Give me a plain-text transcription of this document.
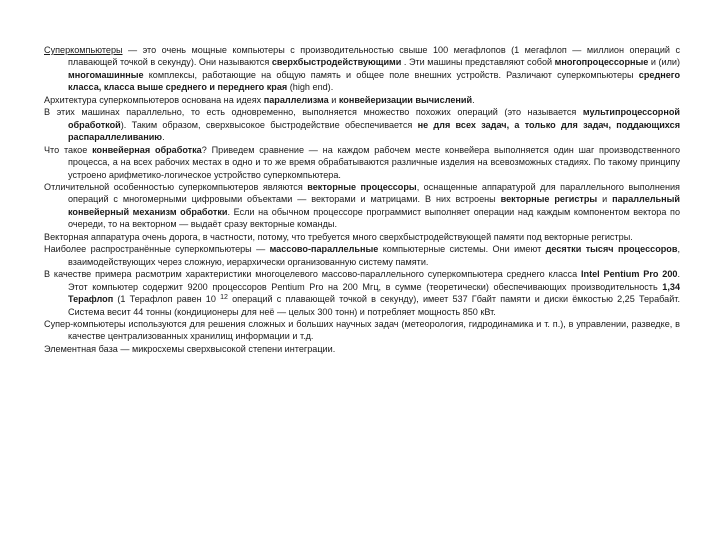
Суперкомпьютеры — это очень мощные компьютеры с производительностью свыше 100 мегафлопов (1 мегафлоп — миллион операций с плавающей точкой в секунду). Они называются сверхбыстродействующими . Эти машины представляют собой многопроцессорные и (или) многомашинные комплексы, работающие на общую память и общее поле внешних устройств. Различают суперкомпьютеры среднего класса, класса выше среднего и переднего края (high end).

Архитектура суперкомпьютеров основана на идеях параллелизма и конвейеризации вычислений.

В этих машинах параллельно, то есть одновременно, выполняется множество похожих операций (это называется мультипроцессорной обработкой). Таким образом, сверхвысокое быстродействие обеспечивается не для всех задач, а только для задач, поддающихся распараллеливанию.

Что такое конвейерная обработка? Приведем сравнение — на каждом рабочем месте конвейера выполняется один шаг производственного процесса, а на всех рабочих местах в одно и то же время обрабатываются различные изделия на всевозможных стадиях. По такому принципу устроено арифметико-логическое устройство суперкомпьютера.

Отличительной особенностью суперкомпьютеров являются векторные процессоры, оснащенные аппаратурой для параллельного выполнения операций с многомерными цифровыми объектами — векторами и матрицами. В них встроены векторные регистры и параллельный конвейерный механизм обработки. Если на обычном процессоре программист выполняет операции над каждым компонентом вектора по очереди, то на векторном — выдаёт сразу векторные команды.

Векторная аппаратура очень дорога, в частности, потому, что требуется много сверхбыстродействующей памяти под векторные регистры.

Наиболее распространённые суперкомпьютеры — массово-параллельные компьютерные системы. Они имеют десятки тысяч процессоров, взаимодействующих через сложную, иерархически организованную систему памяти.

В качестве примера расмотрим характеристики многоцелевого массово-параллельного суперкомпьютера среднего класса Intel Pentium Pro 200. Этот компьютер содержит 9200 процессоров Pentium Pro на 200 Мгц, в сумме (теоретически) обеспечивающих производительность 1,34 Терафлоп (1 Терафлоп равен 10 $^{12}$ операций с плавающей точкой в секунду), имеет 537 Гбайт памяти и диски ёмкостью 2,25 Терабайт. Система весит 44 тонны (кондиционеры для неё — целых 300 тонн) и потребляет мощность 850 кВт.

Супер-компьютеры используются для решения сложных и больших научных задач (метеорология, гидродинамика и т. п.), в управлении, разведке, в качестве централизованных хранилищ информации и т.д.

Элементная база — микросхемы сверхвысокой степени интеграции.
